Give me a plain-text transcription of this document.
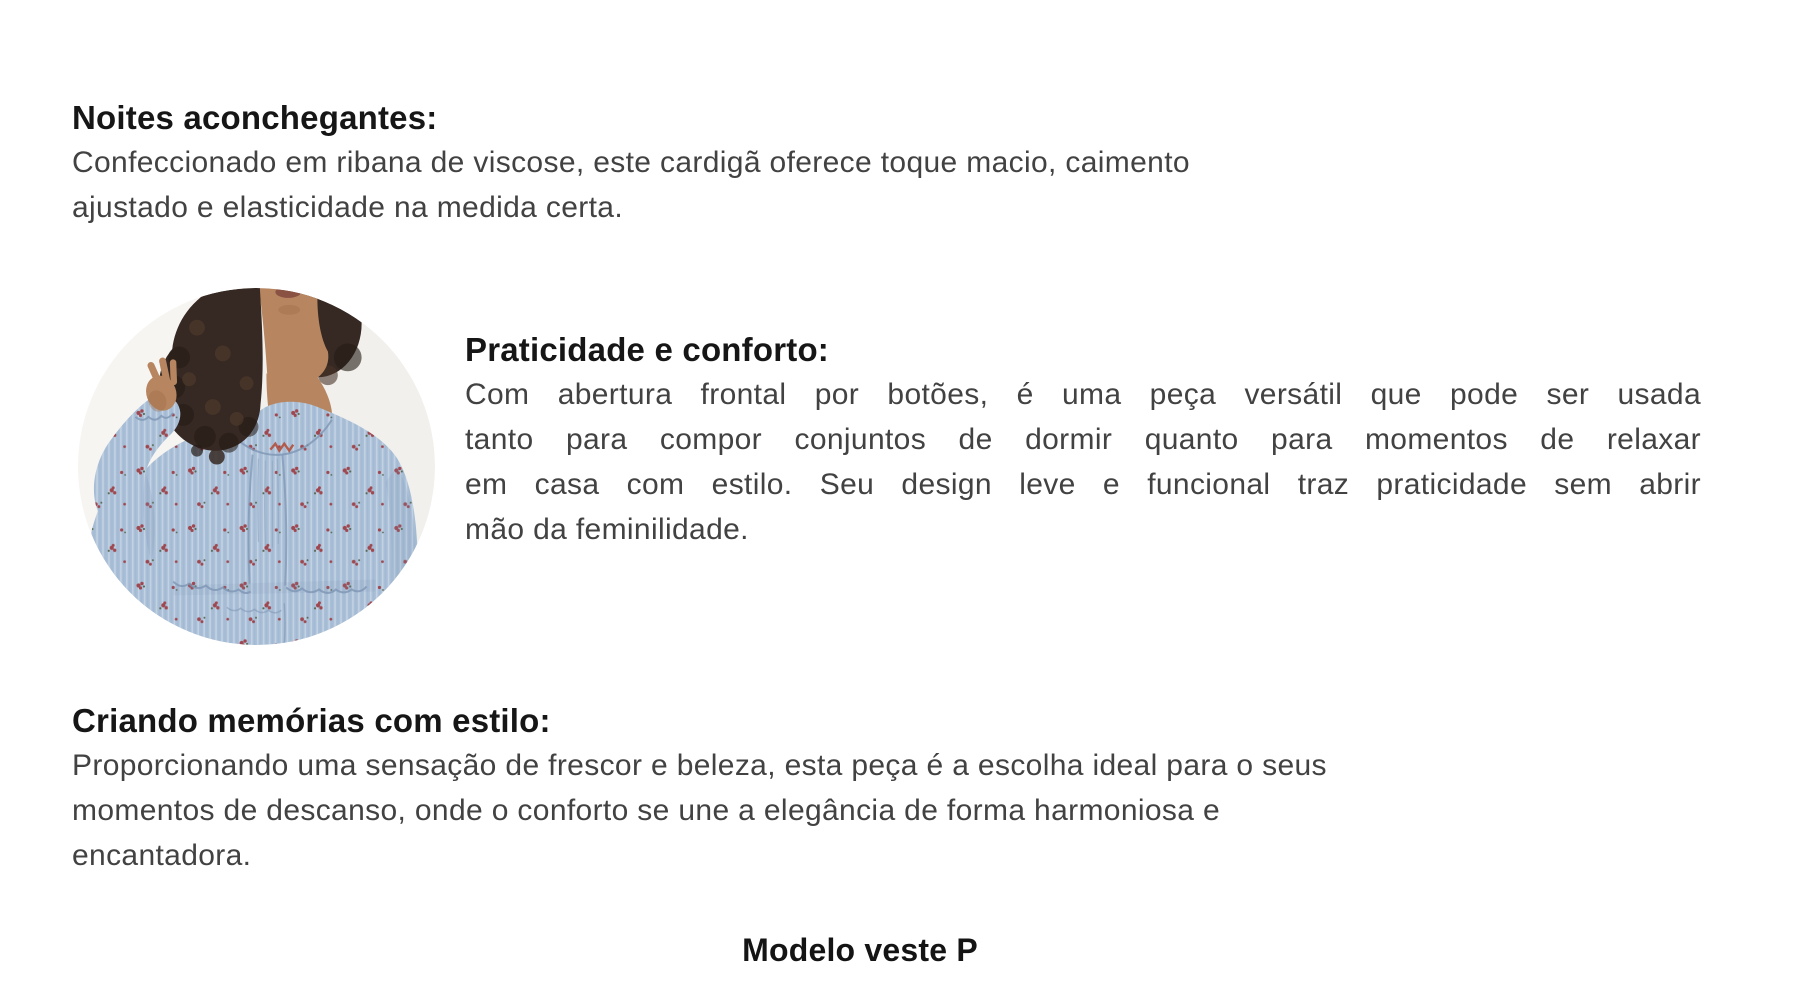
Noites aconchegantes:

Confeccionado em ribana de viscose, este cardigã oferece toque macio, caimento
ajustado e elasticidade na medida certa.

Praticidade e conforto:

Com abertura frontal por botões, é uma peça versátil que pode ser usada
tanto para compor conjuntos de dormir quanto para momentos de relaxar
em casa com estilo. Seu design leve e funcional traz praticidade sem abrir
mão da feminilidade.

Criando memórias com estilo:

Proporcionando uma sensação de frescor e beleza, esta peça é a escolha ideal para o seus
momentos de descanso, onde o conforto se une a elegância de forma harmoniosa e
encantadora.

Modelo veste P
